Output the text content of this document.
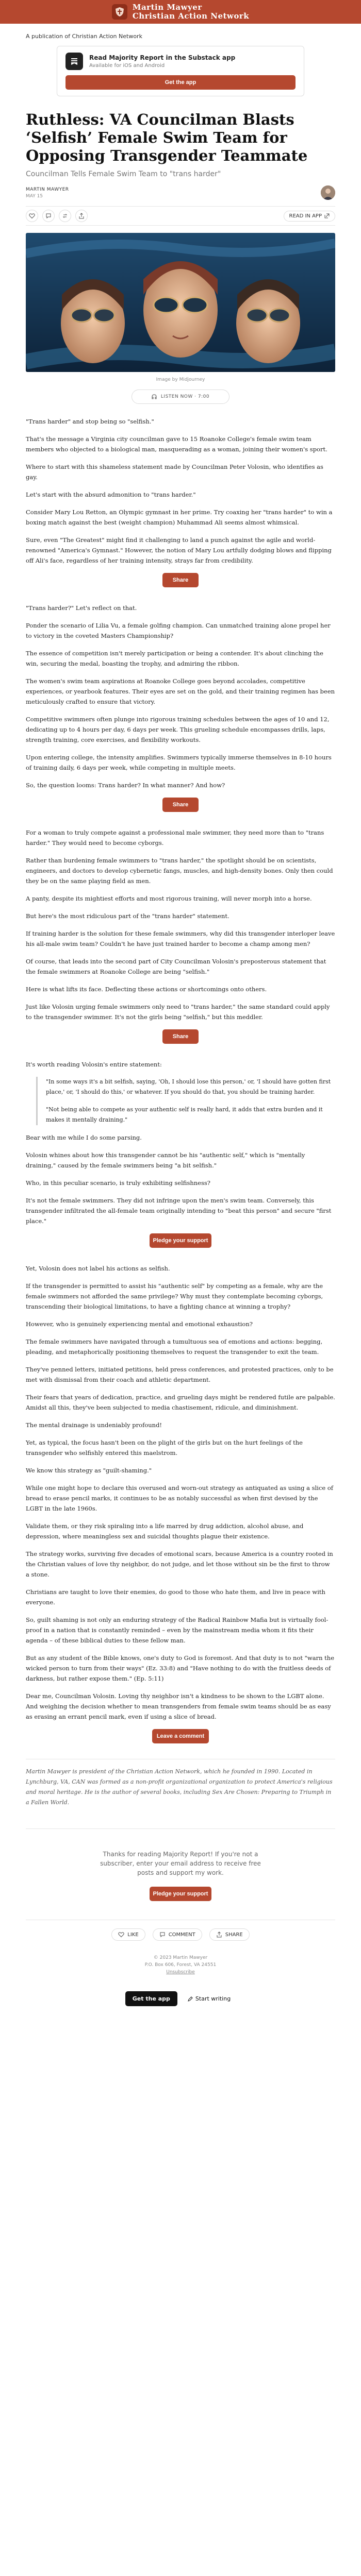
Martin Mawyer
Christian Action Network
A publication of Christian Action Network
Read Majority Report in the Substack app
Available for iOS and Android
Get the app
Ruthless: VA Councilman Blasts ‘Selfish’ Female Swim Team for Opposing Transgender Teammate
Councilman Tells Female Swim Team to "trans harder"
MARTIN MAWYER
MAY 15
READ IN APP
Image by Midjourney
LISTEN NOW · 7:00

"Trans harder" and stop being so "selfish."

That's the message a Virginia city councilman gave to 15 Roanoke College's female swim team members who objected to a biological man, masquerading as a woman, joining their women's sport.

Where to start with this shameless statement made by Councilman Peter Volosin, who identifies as gay.

Let's start with the absurd admonition to "trans harder."

Consider Mary Lou Retton, an Olympic gymnast in her prime. Try coaxing her "trans harder" to win a boxing match against the best (weight champion) Muhammad Ali seems almost whimsical.

Sure, even "The Greatest" might find it challenging to land a punch against the agile and world-renowned "America's Gymnast." However, the notion of Mary Lou artfully dodging blows and flipping off Ali's face, regardless of her training intensity, strays far from credibility.

Share

"Trans harder?" Let's reflect on that.

Ponder the scenario of Lilia Vu, a female golfing champion. Can unmatched training alone propel her to victory in the coveted Masters Championship?

The essence of competition isn't merely participation or being a contender. It's about clinching the win, securing the medal, boasting the trophy, and admiring the ribbon.

The women's swim team aspirations at Roanoke College goes beyond accolades, competitive experiences, or yearbook features. Their eyes are set on the gold, and their training regimen has been meticulously crafted to ensure that victory.

Competitive swimmers often plunge into rigorous training schedules between the ages of 10 and 12, dedicating up to 4 hours per day, 6 days per week. This grueling schedule encompasses drills, laps, strength training, core exercises, and flexibility workouts.

Upon entering college, the intensity amplifies. Swimmers typically immerse themselves in 8-10 hours of training daily, 6 days per week, while competing in multiple meets.

So, the question looms: Trans harder? In what manner? And how?

Share

For a woman to truly compete against a professional male swimmer, they need more than to "trans harder." They would need to become cyborgs.

Rather than burdening female swimmers to "trans harder," the spotlight should be on scientists, engineers, and doctors to develop cybernetic fangs, muscles, and high-density bones. Only then could they be on the same playing field as men.

A panty, despite its mightiest efforts and most rigorous training, will never morph into a horse.

But here's the most ridiculous part of the "trans harder" statement.

If training harder is the solution for these female swimmers, why did this transgender interloper leave his all-male swim team? Couldn't he have just trained harder to become a champ among men?

Of course, that leads into the second part of City Councilman Volosin's preposterous statement that the female swimmers at Roanoke College are being "selfish."

Here is what lifts its face. Deflecting these actions or shortcomings onto others.

Just like Volosin urging female swimmers only need to "trans harder," the same standard could apply to the transgender swimmer. It's not the girls being "selfish," but this meddler.

Share

It's worth reading Volosin's entire statement:

"In some ways it's a bit selfish, saying, 'Oh, I should lose this person,' or, 'I should have gotten first place,' or, 'I should do this,' or whatever. If you should do that, you should be training harder.

"Not being able to compete as your authentic self is really hard, it adds that extra burden and it makes it mentally draining."

Bear with me while I do some parsing.

Volosin whines about how this transgender cannot be his "authentic self," which is "mentally draining," caused by the female swimmers being "a bit selfish."

Who, in this peculiar scenario, is truly exhibiting selfishness?

It's not the female swimmers. They did not infringe upon the men's swim team. Conversely, this transgender infiltrated the all-female team originally intending to "beat this person" and secure "first place."

Pledge your support

Yet, Volosin does not label his actions as selfish.

If the transgender is permitted to assist his "authentic self" by competing as a female, why are the female swimmers not afforded the same privilege? Why must they contemplate becoming cyborgs, transcending their biological limitations, to have a fighting chance at winning a trophy?

However, who is genuinely experiencing mental and emotional exhaustion?

The female swimmers have navigated through a tumultuous sea of emotions and actions: begging, pleading, and metaphorically positioning themselves to request the transgender to exit the team.

They've penned letters, initiated petitions, held press conferences, and protested practices, only to be met with dismissal from their coach and athletic department.

Their fears that years of dedication, practice, and grueling days might be rendered futile are palpable. Amidst all this, they've been subjected to media chastisement, ridicule, and diminishment.

The mental drainage is undeniably profound!

Yet, as typical, the focus hasn't been on the plight of the girls but on the hurt feelings of the transgender who selfishly entered this maelstrom.

We know this strategy as "guilt-shaming."

While one might hope to declare this overused and worn-out strategy as antiquated as using a slice of bread to erase pencil marks, it continues to be as notably successful as when first devised by the LGBT in the late 1960s.

Validate them, or they risk spiraling into a life marred by drug addiction, alcohol abuse, and depression, where meaningless sex and suicidal thoughts plague their existence.

The strategy works, surviving five decades of emotional scars, because America is a country rooted in the Christian values of love thy neighbor, do not judge, and let those without sin be the first to throw a stone.

Christians are taught to love their enemies, do good to those who hate them, and live in peace with everyone.

So, guilt shaming is not only an enduring strategy of the Radical Rainbow Mafia but is virtually fool-proof in a nation that is constantly reminded – even by the mainstream media whom it fits their agenda – of these biblical duties to these fellow man.

But as any student of the Bible knows, one's duty to God is foremost. And that duty is to not "warn the wicked person to turn from their ways" (Ez. 33:8) and "Have nothing to do with the fruitless deeds of darkness, but rather expose them." (Ep. 5:11)

Dear me, Councilman Volosin. Loving thy neighbor isn't a kindness to be shown to the LGBT alone. And weighing the decision whether to mean transgenders from female swim teams should be as easy as erasing an errant pencil mark, even if using a slice of bread.

Leave a comment

Martin Mawyer is president of the Christian Action Network, which he founded in 1990. Located in Lynchburg, VA, CAN was formed as a non-profit organizational organization to protect America's religious and moral heritage. He is the author of several books, including Sex Are Chosen: Preparing to Triumph in a Fallen World.

Thanks for reading Majority Report! If you're not a subscriber, enter your email address to receive free posts and support my work.

Pledge your support
LIKE	COMMENT	SHARE
© 2023 Martin Mawyer
P.O. Box 606, Forest, VA 24551
Unsubscribe
Get the app	Start writing
